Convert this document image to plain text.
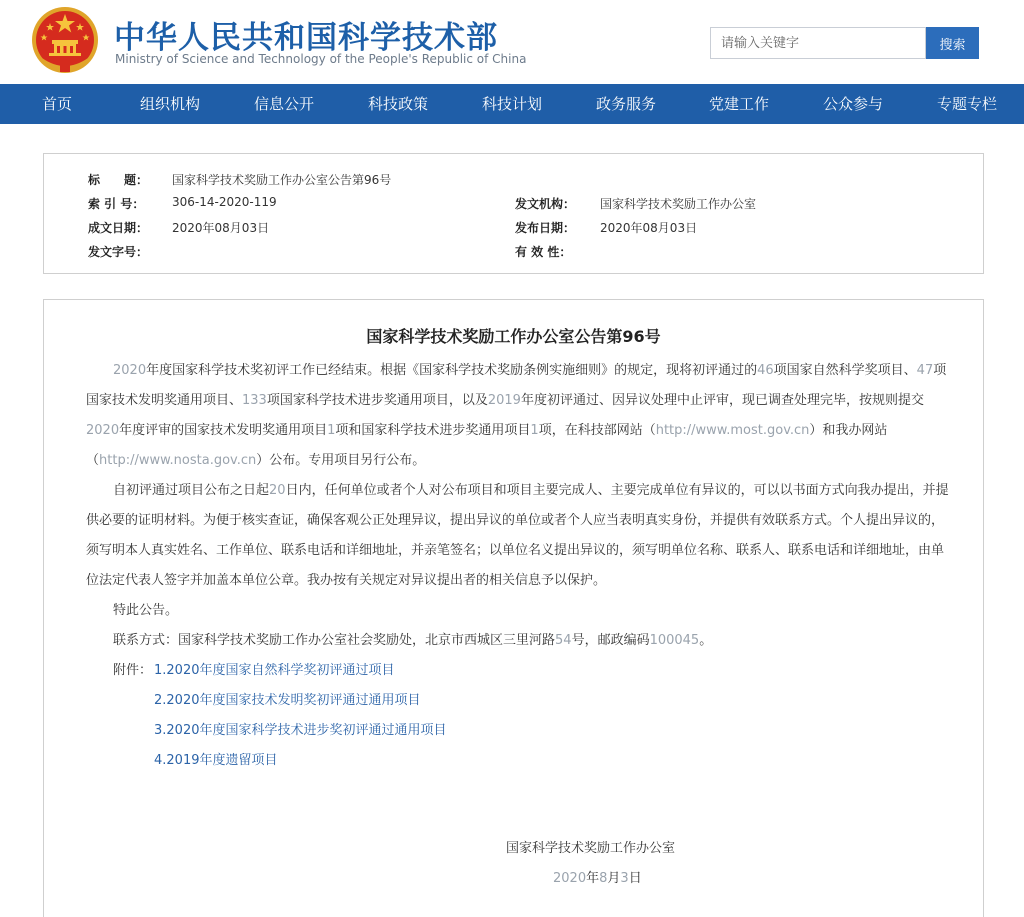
中华人民共和国科学技术部
Ministry of Science and Technology of the People's Republic of China
请输入关键字
搜索
首页	组织机构	信息公开	科技政策	科技计划	政务服务	党建工作	公众参与	专题专栏
标　　题： 国家科学技术奖励工作办公室公告第96号
索 引 号： 306-14-2020-119	发文机构： 国家科学技术奖励工作办公室
成文日期： 2020年08月03日	发布日期： 2020年08月03日
发文字号：	有 效 性：
国家科学技术奖励工作办公室公告第96号
2020年度国家科学技术奖初评工作已经结束。根据《国家科学技术奖励条例实施细则》的规定，现将初评通过的46项国家自然科学奖项目、47项国家技术发明奖通用项目、133项国家科学技术进步奖通用项目，以及2019年度初评通过、因异议处理中止评审，现已调查处理完毕，按规则提交2020年度评审的国家技术发明奖通用项目1项和国家科学技术进步奖通用项目1项，在科技部网站（http://www.most.gov.cn）和我办网站（http://www.nosta.gov.cn）公布。专用项目另行公布。
自初评通过项目公布之日起20日内，任何单位或者个人对公布项目和项目主要完成人、主要完成单位有异议的，可以以书面方式向我办提出，并提供必要的证明材料。为便于核实查证，确保客观公正处理异议，提出异议的单位或者个人应当表明真实身份，并提供有效联系方式。个人提出异议的，须写明本人真实姓名、工作单位、联系电话和详细地址，并亲笔签名；以单位名义提出异议的，须写明单位名称、联系人、联系电话和详细地址，由单位法定代表人签字并加盖本单位公章。我办按有关规定对异议提出者的相关信息予以保护。
特此公告。
联系方式：国家科学技术奖励工作办公室社会奖励处，北京市西城区三里河路54号，邮政编码100045。
附件： 1.2020年度国家自然科学奖初评通过项目
2.2020年度国家技术发明奖初评通过通用项目
3.2020年度国家科学技术进步奖初评通过通用项目
4.2019年度遗留项目
国家科学技术奖励工作办公室
2020年8月3日
